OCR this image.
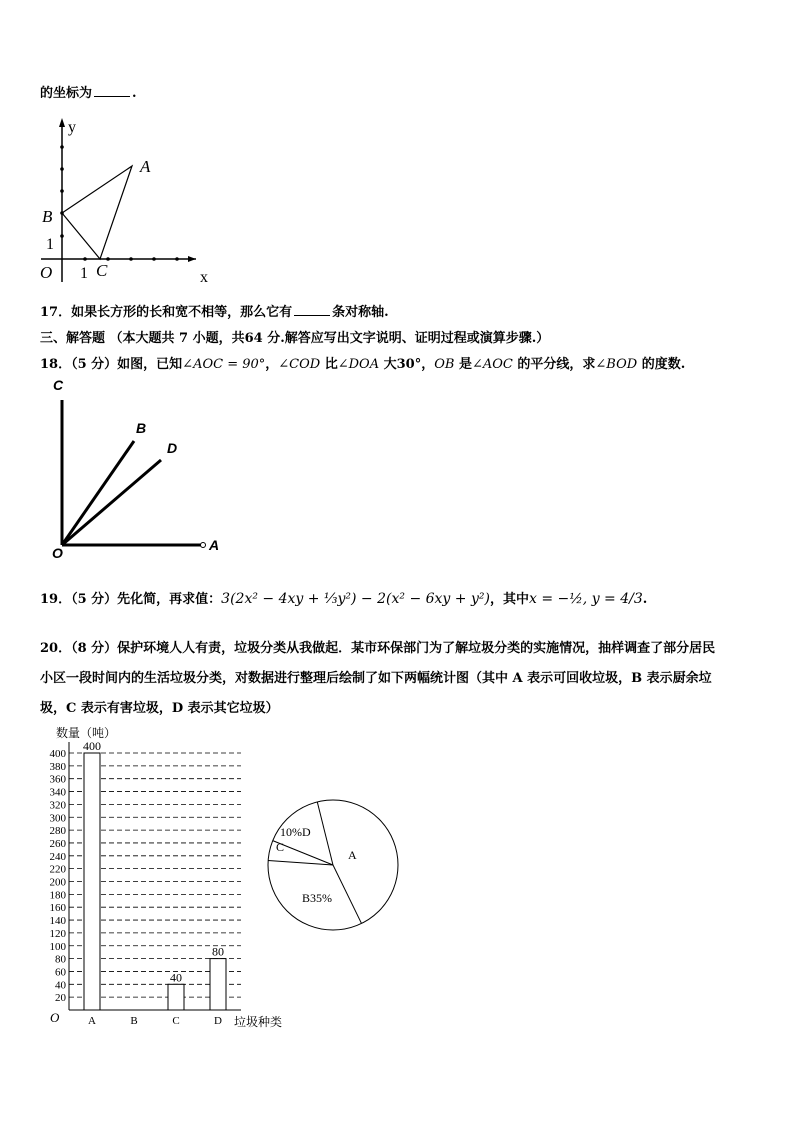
的坐标为	.
y
x
O 1
1
A
B
C
17．如果长方形的长和宽不相等，那么它有	条对称轴.
三、解答题 （本大题共 7 小题，共64 分.解答应写出文字说明、证明过程或演算步骤.）
18．（5 分）如图，已知∠AOC = 90°，∠COD 比∠DOA 大30°，OB 是∠AOC 的平分线，求∠BOD 的度数.
C
B
D
O	A
19．（5 分）先化简，再求值：3(2x² − 4xy + ⅓y²) − 2(x² − 6xy + y²)，其中x = −½, y = 4/3.
20．（8 分）保护环境人人有责，垃圾分类从我做起．某市环保部门为了解垃圾分类的实施情况，抽样调查了部分居民
小区一段时间内的生活垃圾分类，对数据进行整理后绘制了如下两幅统计图（其中 A 表示可回收垃圾，B 表示厨余垃
圾，C 表示有害垃圾，D 表示其它垃圾）
数量（吨）
垃圾种类
O
20
40
60
80
100
120
140
160
180
200
220
240
260
280
300
320
340
360
380
400
400
A	B
40
C
80
D
A
B35%
C
10%D
